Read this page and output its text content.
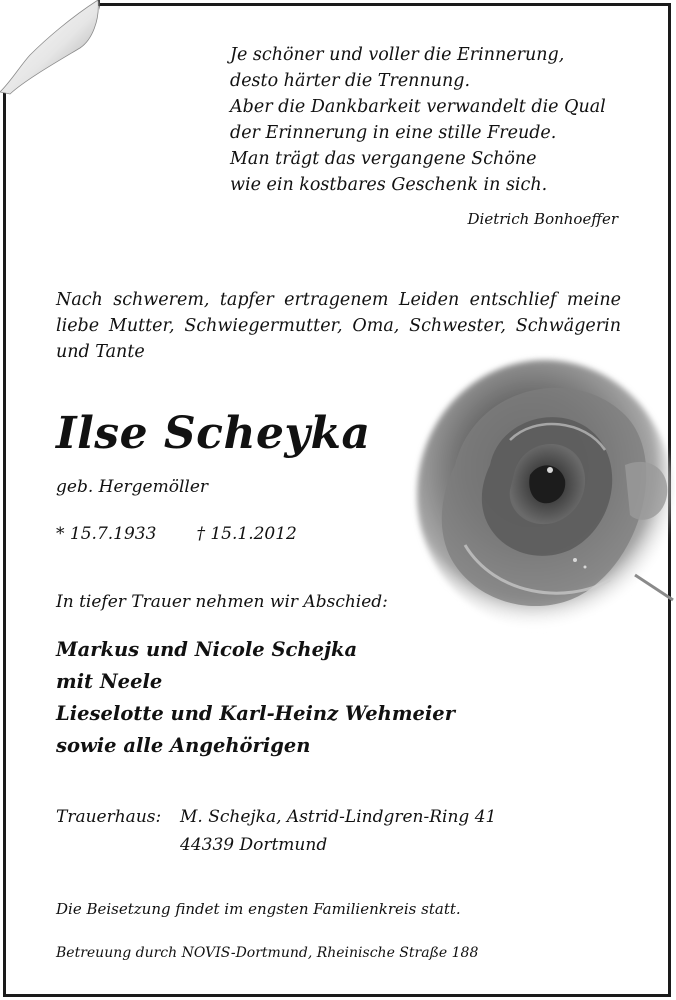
Je schöner und voller die Erinnerung,
desto härter die Trennung.
Aber die Dankbarkeit verwandelt die Qual
der Erinnerung in eine stille Freude.
Man trägt das vergangene Schöne
wie ein kostbares Geschenk in sich.
Dietrich Bonhoeffer
Nach schwerem, tapfer ertragenem Leiden entschlief meine
liebe Mutter, Schwiegermutter, Oma, Schwester, Schwägerin
und Tante
Ilse Scheyka
geb. Hergemöller
* 15.7.1933 † 15.1.2012
In tiefer Trauer nehmen wir Abschied:
Markus und Nicole Schejka
mit Neele
Lieselotte und Karl-Heinz Wehmeier
sowie alle Angehörigen
Trauerhaus: M. Schejka, Astrid-Lindgren-Ring 41
44339 Dortmund
Die Beisetzung findet im engsten Familienkreis statt.
Betreuung durch NOVIS-Dortmund, Rheinische Straße 188
